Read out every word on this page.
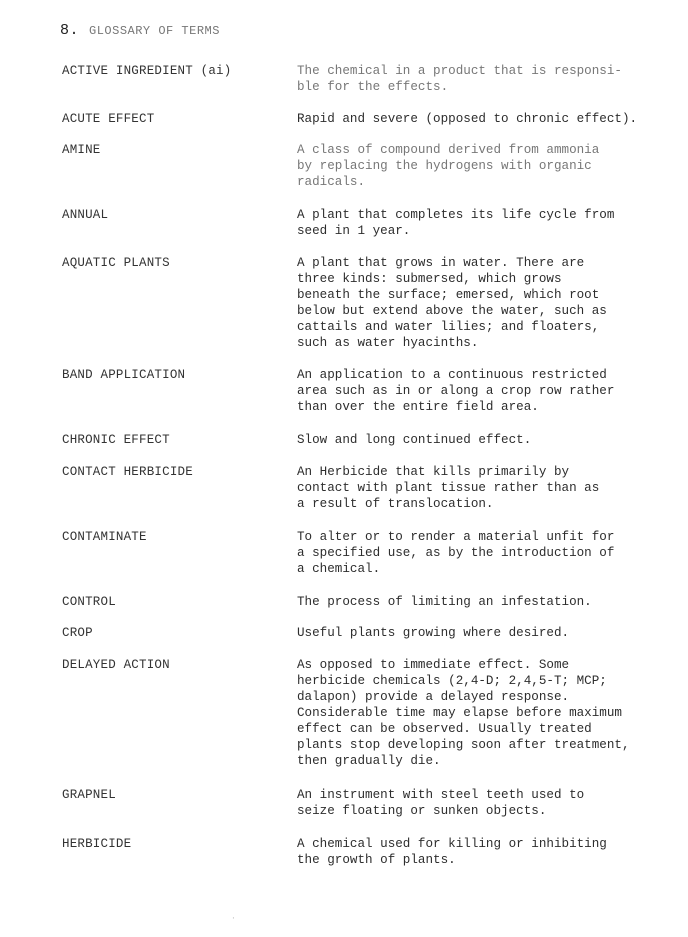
8. GLOSSARY OF TERMS
ACTIVE INGREDIENT (ai)	The chemical in a product that is responsi-
ble for the effects.
ACUTE EFFECT	Rapid and severe (opposed to chronic effect).
AMINE	A class of compound derived from ammonia
by replacing the hydrogens with organic
radicals.
ANNUAL	A plant that completes its life cycle from
seed in 1 year.
AQUATIC PLANTS	A plant that grows in water. There are
three kinds: submersed, which grows
beneath the surface; emersed, which root
below but extend above the water, such as
cattails and water lilies; and floaters,
such as water hyacinths.
BAND APPLICATION	An application to a continuous restricted
area such as in or along a crop row rather
than over the entire field area.
CHRONIC EFFECT	Slow and long continued effect.
CONTACT HERBICIDE	An Herbicide that kills primarily by
contact with plant tissue rather than as
a result of translocation.
CONTAMINATE	To alter or to render a material unfit for
a specified use, as by the introduction of
a chemical.
CONTROL	The process of limiting an infestation.
CROP	Useful plants growing where desired.
DELAYED ACTION	As opposed to immediate effect. Some
herbicide chemicals (2,4-D; 2,4,5-T; MCP;
dalapon) provide a delayed response.
Considerable time may elapse before maximum
effect can be observed. Usually treated
plants stop developing soon after treatment,
then gradually die.
GRAPNEL	An instrument with steel teeth used to
seize floating or sunken objects.
HERBICIDE	A chemical used for killing or inhibiting
the growth of plants.
·
